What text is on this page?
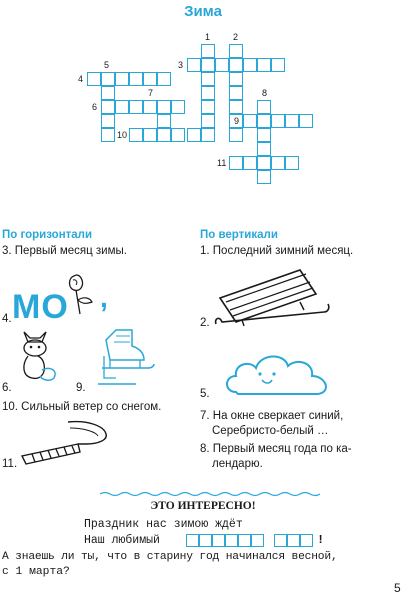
Зима
1	2
3
4
5
6
7	8
9
10
11
По горизонтали
3. Первый месяц зимы.
4. МО ,
6.	9.
10. Сильный ветер со снегом.
11.
По вертикали
1. Последний зимний месяц.
2.
5.
7. На окне сверкает синий,
Серебристо-белый …
8. Первый месяц года по ка-
лендарю.
ЭТО ИНТЕРЕСНО!
Праздник нас зимою ждёт
Наш любимый	!
А знаешь ли ты, что в старину год начинался весной,
с 1 марта?
5
